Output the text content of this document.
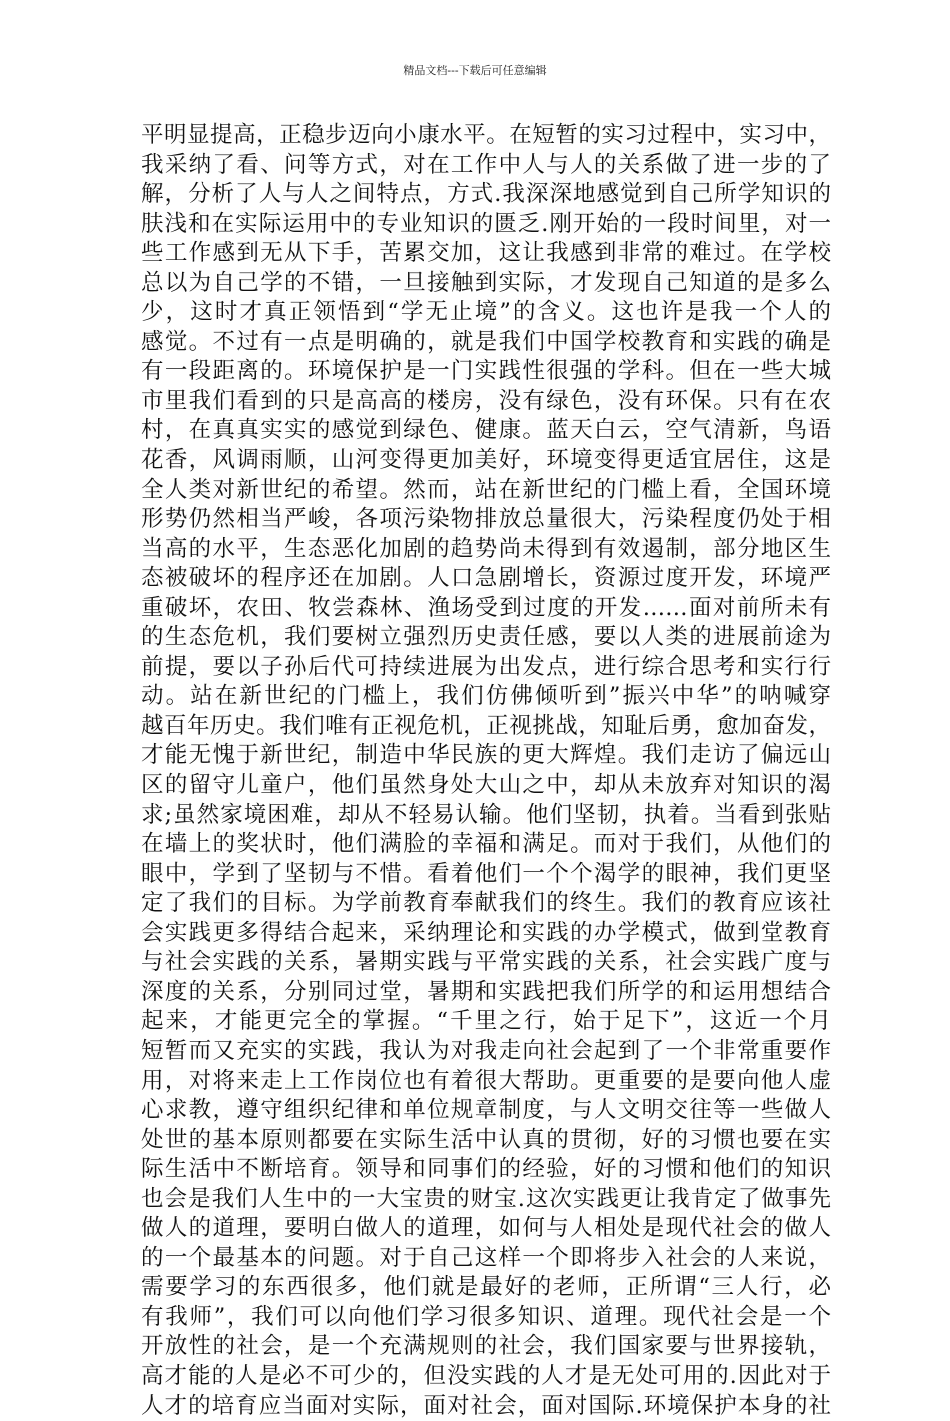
精品文档---下载后可任意编辑
平明显提高，正稳步迈向小康水平。在短暂的实习过程中，实习中，
我采纳了看、问等方式，对在工作中人与人的关系做了进一步的了
解，分析了人与人之间特点，方式.我深深地感觉到自己所学知识的
肤浅和在实际运用中的专业知识的匮乏.刚开始的一段时间里，对一
些工作感到无从下手，苦累交加，这让我感到非常的难过。在学校
总以为自己学的不错，一旦接触到实际，才发现自己知道的是多么
少，这时才真正领悟到“学无止境”的含义。这也许是我一个人的
感觉。不过有一点是明确的，就是我们中国学校教育和实践的确是
有一段距离的。环境保护是一门实践性很强的学科。但在一些大城
市里我们看到的只是高高的楼房，没有绿色，没有环保。只有在农
村，在真真实实的感觉到绿色、健康。蓝天白云，空气清新，鸟语
花香，风调雨顺，山河变得更加美好，环境变得更适宜居住，这是
全人类对新世纪的希望。然而，站在新世纪的门槛上看，全国环境
形势仍然相当严峻，各项污染物排放总量很大，污染程度仍处于相
当高的水平，生态恶化加剧的趋势尚未得到有效遏制，部分地区生
态被破坏的程序还在加剧。人口急剧增长，资源过度开发，环境严
重破坏，农田、牧尝森林、渔场受到过度的开发……面对前所未有
的生态危机，我们要树立强烈历史责任感，要以人类的进展前途为
前提，要以子孙后代可持续进展为出发点，进行综合思考和实行行
动。站在新世纪的门槛上，我们仿佛倾听到”振兴中华”的呐喊穿
越百年历史。我们唯有正视危机，正视挑战，知耻后勇，愈加奋发，
才能无愧于新世纪，制造中华民族的更大辉煌。我们走访了偏远山
区的留守儿童户，他们虽然身处大山之中，却从未放弃对知识的渴
求;虽然家境困难，却从不轻易认输。他们坚韧，执着。当看到张贴
在墙上的奖状时，他们满脸的幸福和满足。而对于我们，从他们的
眼中，学到了坚韧与不惜。看着他们一个个渴学的眼神，我们更坚
定了我们的目标。为学前教育奉献我们的终生。我们的教育应该社
会实践更多得结合起来，采纳理论和实践的办学模式，做到堂教育
与社会实践的关系，暑期实践与平常实践的关系，社会实践广度与
深度的关系，分别同过堂，暑期和实践把我们所学的和运用想结合
起来，才能更完全的掌握。“千里之行，始于足下”，这近一个月
短暂而又充实的实践，我认为对我走向社会起到了一个非常重要作
用，对将来走上工作岗位也有着很大帮助。更重要的是要向他人虚
心求教，遵守组织纪律和单位规章制度，与人文明交往等一些做人
处世的基本原则都要在实际生活中认真的贯彻，好的习惯也要在实
际生活中不断培育。领导和同事们的经验，好的习惯和他们的知识
也会是我们人生中的一大宝贵的财宝.这次实践更让我肯定了做事先
做人的道理，要明白做人的道理，如何与人相处是现代社会的做人
的一个最基本的问题。对于自己这样一个即将步入社会的人来说，
需要学习的东西很多，他们就是最好的老师，正所谓“三人行，必
有我师”，我们可以向他们学习很多知识、道理。现代社会是一个
开放性的社会，是一个充满规则的社会，我们国家要与世界接轨，
高才能的人是必不可少的，但没实践的人才是无处可用的.因此对于
人才的培育应当面对实际，面对社会，面对国际.环境保护本身的社
